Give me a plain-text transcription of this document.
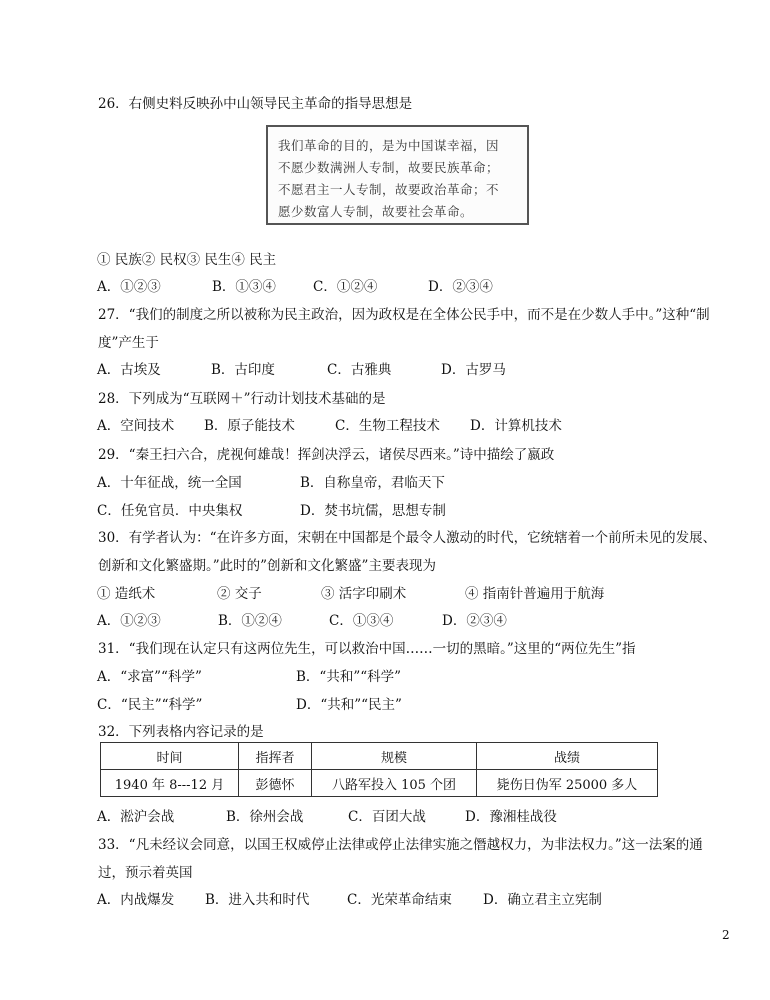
26．右侧史料反映孙中山领导民主革命的指导思想是
我们革命的目的，是为中国谋幸福，因
不愿少数满洲人专制，故要民族革命；
不愿君主一人专制，故要政治革命；不
愿少数富人专制，故要社会革命。
① 民族② 民权③ 民生④ 民主
A．①②③	B．①③④	C．①②④	D．②③④
27．“我们的制度之所以被称为民主政治，因为政权是在全体公民手中，而不是在少数人手中。”这种“制
度”产生于
A．古埃及	B．古印度	C．古雅典	D．古罗马
28．下列成为“互联网＋”行动计划技术基础的是
A．空间技术 B．原子能技术	C．生物工程技术 D．计算机技术
29．“秦王扫六合，虎视何雄哉！挥剑决浮云，诸侯尽西来。”诗中描绘了嬴政
A．十年征战，统一全国	B．自称皇帝，君临天下
C．任免官员．中央集权	D．焚书坑儒，思想专制
30．有学者认为：“在许多方面，宋朝在中国都是个最令人激动的时代，它统辖着一个前所未见的发展、
创新和文化繁盛期。”此时的”创新和文化繁盛”主要表现为
① 造纸术	② 交子	③ 活字印刷术	④ 指南针普遍用于航海
A．①②③	B．①②④	C．①③④	D．②③④
31．“我们现在认定只有这两位先生，可以救治中国……一切的黑暗。”这里的“两位先生”指
A．“求富”“科学”	B．“共和”“科学”
C．“民主”“科学”	D．“共和”“民主”
32．下列表格内容记录的是
时间	指挥者	规模	战绩
1940 年 8---12 月	彭德怀	八路军投入 105 个团	毙伤日伪军 25000 多人
A．淞沪会战	B．徐州会战	C．百团大战	D．豫湘桂战役
33．“凡未经议会同意，以国王权威停止法律或停止法律实施之僭越权力，为非法权力。”这一法案的通
过，预示着英国
A．内战爆发 B．进入共和时代	C．光荣革命结束 D．确立君主立宪制
2
